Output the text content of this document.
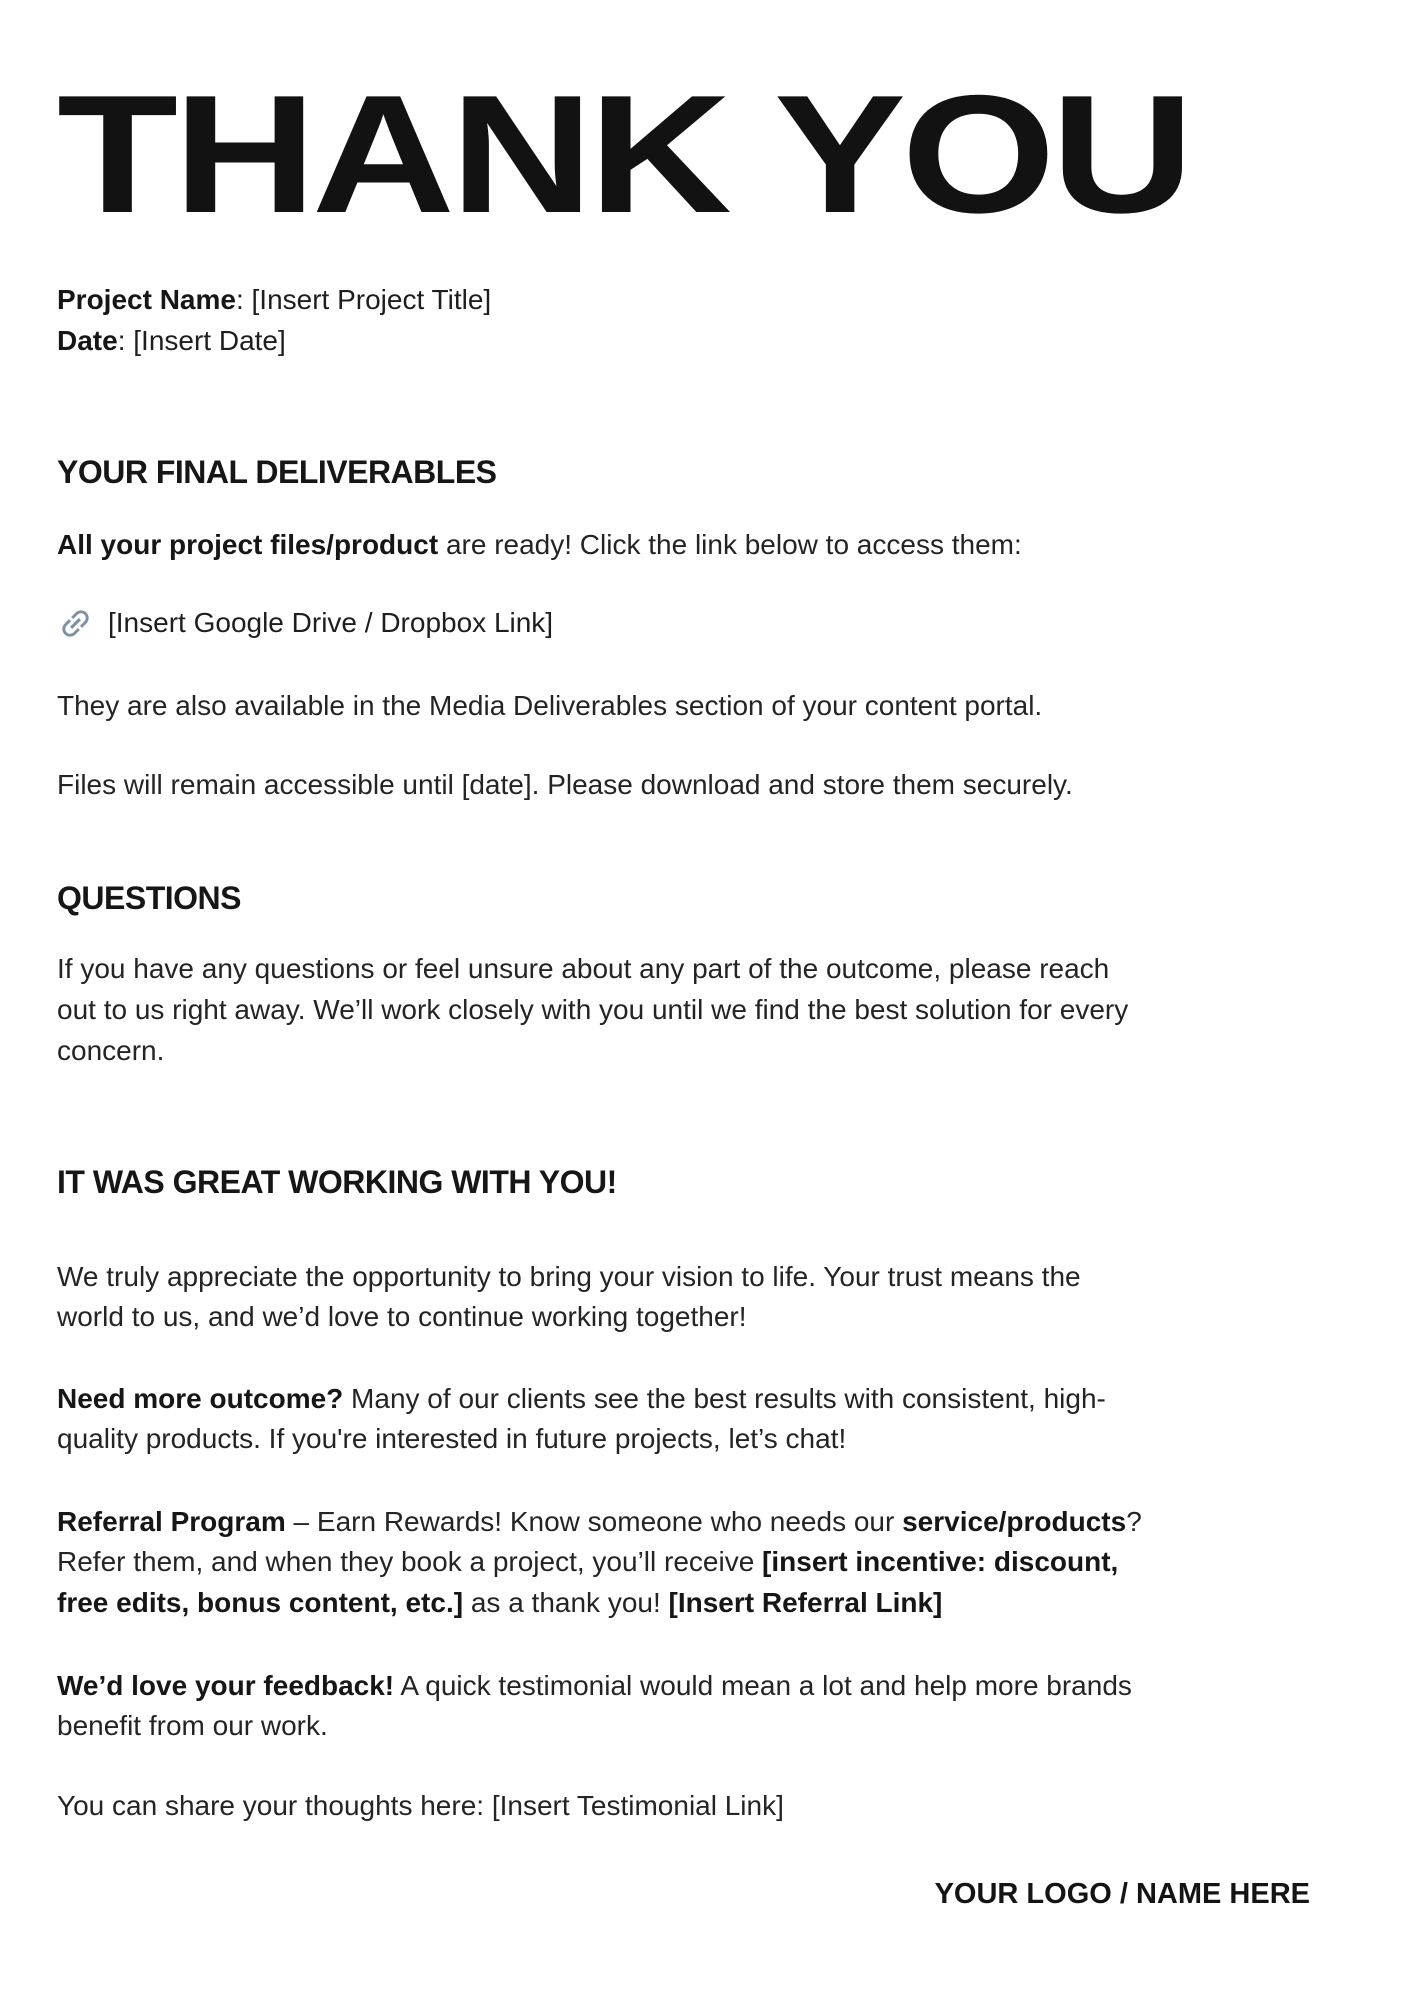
THANK YOU

Project Name: [Insert Project Title]

Date: [Insert Date]

YOUR FINAL DELIVERABLES

All your project files/product are ready! Click the link below to access them:

[Insert Google Drive / Dropbox Link]

They are also available in the Media Deliverables section of your content portal.

Files will remain accessible until [date]. Please download and store them securely.

QUESTIONS

If you have any questions or feel unsure about any part of the outcome, please reach out to us right away. We’ll work closely with you until we find the best solution for every concern.

IT WAS GREAT WORKING WITH YOU!

We truly appreciate the opportunity to bring your vision to life. Your trust means the world to us, and we’d love to continue working together!

Need more outcome? Many of our clients see the best results with consistent, high-quality products. If you're interested in future projects, let’s chat!

Referral Program – Earn Rewards! Know someone who needs our service/products? Refer them, and when they book a project, you’ll receive [insert incentive: discount, free edits, bonus content, etc.] as a thank you! [Insert Referral Link]

We’d love your feedback! A quick testimonial would mean a lot and help more brands benefit from our work.

You can share your thoughts here: [Insert Testimonial Link]

YOUR LOGO / NAME HERE
